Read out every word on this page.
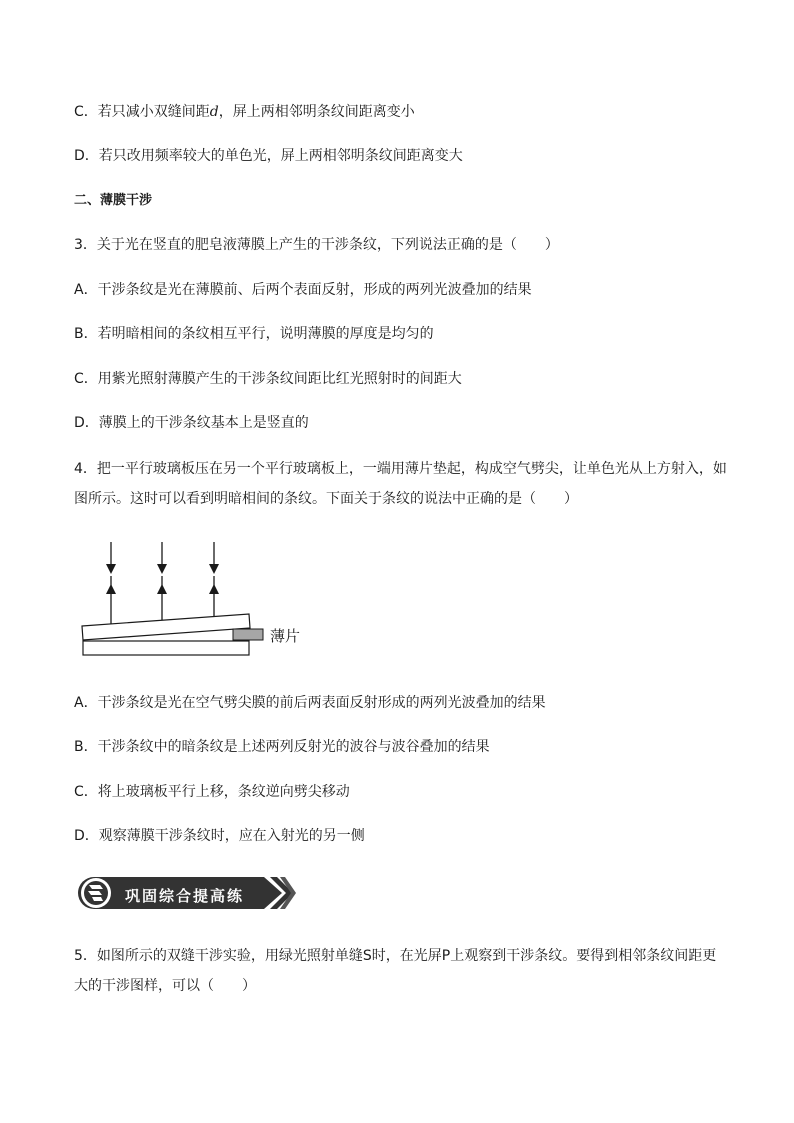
C．若只减小双缝间距d，屏上两相邻明条纹间距离变小
D．若只改用频率较大的单色光，屏上两相邻明条纹间距离变大
二、薄膜干涉
3．关于光在竖直的肥皂液薄膜上产生的干涉条纹，下列说法正确的是（　　）
A．干涉条纹是光在薄膜前、后两个表面反射，形成的两列光波叠加的结果
B．若明暗相间的条纹相互平行，说明薄膜的厚度是均匀的
C．用紫光照射薄膜产生的干涉条纹间距比红光照射时的间距大
D．薄膜上的干涉条纹基本上是竖直的
4．把一平行玻璃板压在另一个平行玻璃板上，一端用薄片垫起，构成空气劈尖，让单色光从上方射入，如
图所示。这时可以看到明暗相间的条纹。下面关于条纹的说法中正确的是（　　）
薄片
A．干涉条纹是光在空气劈尖膜的前后两表面反射形成的两列光波叠加的结果
B．干涉条纹中的暗条纹是上述两列反射光的波谷与波谷叠加的结果
C．将上玻璃板平行上移，条纹逆向劈尖移动
D．观察薄膜干涉条纹时，应在入射光的另一侧
巩固综合提高练
5．如图所示的双缝干涉实验，用绿光照射单缝S时，在光屏P上观察到干涉条纹。要得到相邻条纹间距更
大的干涉图样，可以（　　）
